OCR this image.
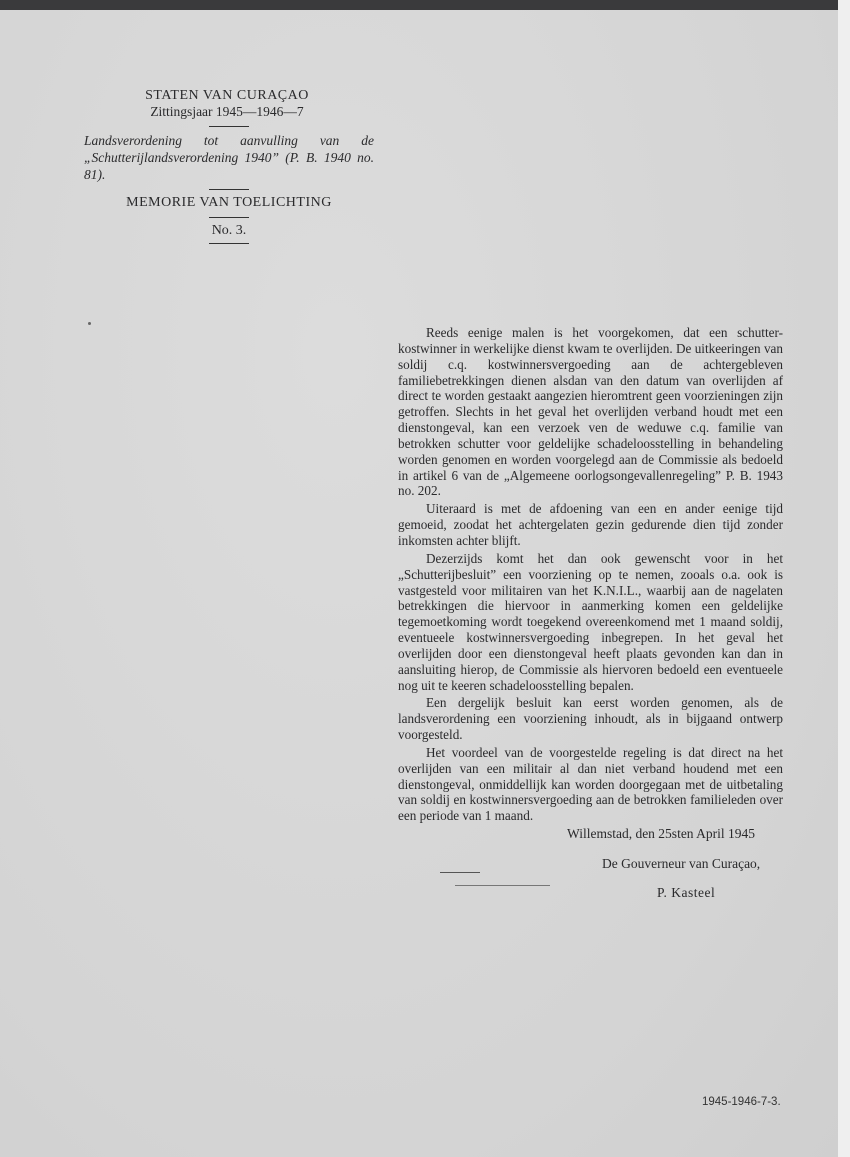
STATEN VAN CURAÇAO
Zittingsjaar 1945—1946—7
Landsverordening tot aanvulling van de „Schutterijlandsverordening 1940” (P. B. 1940 no. 81).
MEMORIE VAN TOELICHTING
No. 3.

Reeds eenige malen is het voorgekomen, dat een schutter-kostwinner in werkelijke dienst kwam te overlijden. De uitkeeringen van soldij c.q. kostwinnersvergoeding aan de achtergebleven familiebetrekkingen dienen alsdan van den datum van overlijden af direct te worden gestaakt aangezien hieromtrent geen voorzieningen zijn getroffen. Slechts in het geval het overlijden verband houdt met een dienstongeval, kan een verzoek ven de weduwe c.q. familie van betrokken schutter voor geldelijke schadeloosstelling in behandeling worden genomen en worden voorgelegd aan de Commissie als bedoeld in artikel 6 van de „Algemeene oorlogsongevallenregeling” P. B. 1943 no. 202.

Uiteraard is met de afdoening van een en ander eenige tijd gemoeid, zoodat het achtergelaten gezin gedurende dien tijd zonder inkomsten achter blijft.

Dezerzijds komt het dan ook gewenscht voor in het „Schutterijbesluit” een voorziening op te nemen, zooals o.a. ook is vastgesteld voor militairen van het K.N.I.L., waarbij aan de nagelaten betrekkingen die hiervoor in aanmerking komen een geldelijke tegemoetkoming wordt toegekend overeenkomend met 1 maand soldij, eventueele kostwinnersvergoeding inbegrepen. In het geval het overlijden door een dienstongeval heeft plaats gevonden kan dan in aansluiting hierop, de Commissie als hiervoren bedoeld een eventueele nog uit te keeren schadeloosstelling bepalen.

Een dergelijk besluit kan eerst worden genomen, als de landsverordening een voorziening inhoudt, als in bijgaand ontwerp voorgesteld.

Het voordeel van de voorgestelde regeling is dat direct na het overlijden van een militair al dan niet verband houdend met een dienstongeval, onmiddellijk kan worden doorgegaan met de uitbetaling van soldij en kostwinnersvergoeding aan de betrokken familieleden over een periode van 1 maand.

Willemstad, den 25sten April 1945
De Gouverneur van Curaçao,
P. Kasteel
1945-1946-7-3.
